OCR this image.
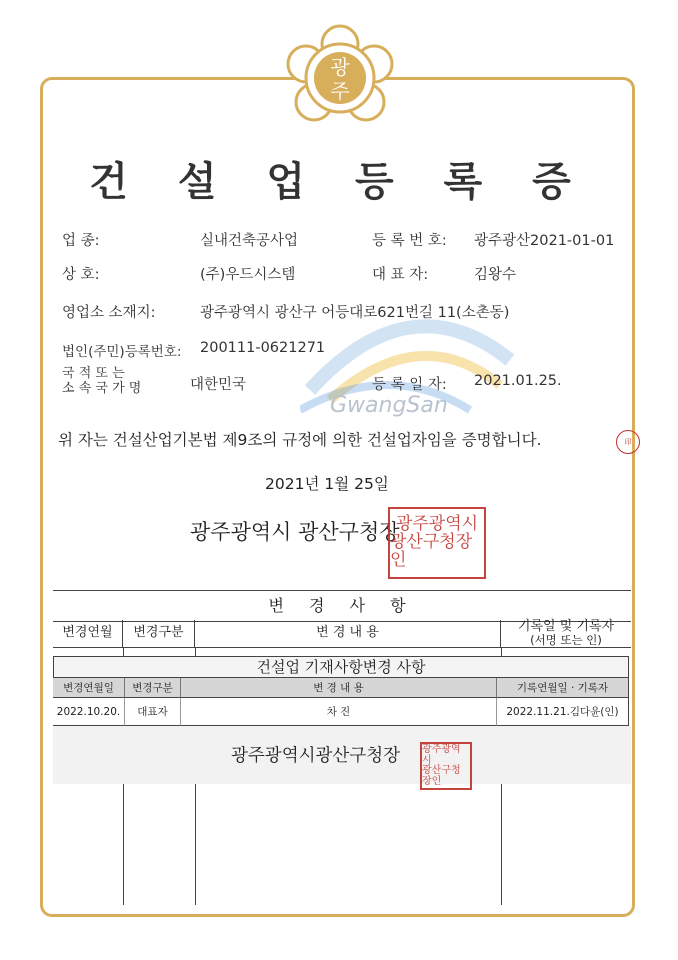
광
주
건 설 업 등 록 증
GwangSan
업 종:	실내건축공사업	등 록 번 호: 광주광산2021-01-01
상 호:	(주)우드시스템	대 표 자:	김왕수
영업소 소재지:	광주광역시 광산구 어등대로621번길 11(소촌동)
법인(주민)등록번호: 200111-0621271
국 적 또 는
소 속 국 가 명	대한민국	등 록 일 자: 2021.01.25.
위 자는 건설산업기본법 제9조의 규정에 의한 건설업자임을 증명합니다.	印
2021년 1월 25일
광주광역시 광산구청장
광주광역시
광산구청장인
변 경 사 항
변경연월	변경구분	변 경 내 용	기록일 및 기록자
(서명 또는 인)
건설업 기재사항변경 사항
변경연월일	변경구분	변 경 내 용	기록연월일 · 기록자
2022.10.20.	대표자	차 진	2022.11.21.김다윤(인)
광주광역시광산구청장 광주광역시
광산구청장인
